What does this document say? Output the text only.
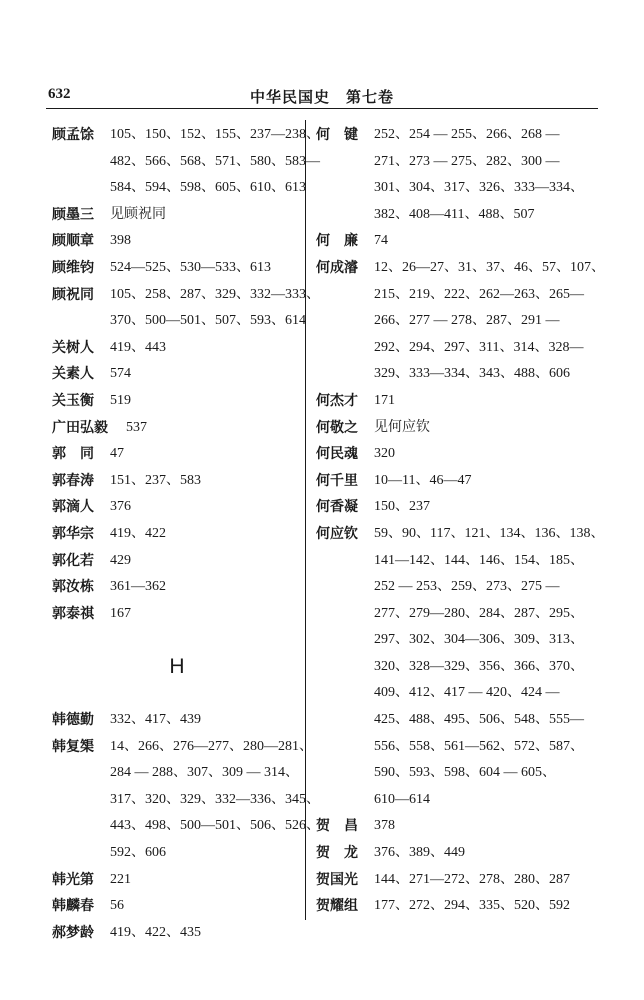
632	中华民国史　第七卷
顾孟馀	105、150、152、155、237—238、
482、566、568、571、580、583—
584、594、598、605、610、613
顾墨三	见顾祝同
顾顺章	398
顾维钧	524—525、530—533、613
顾祝同	105、258、287、329、332—333、
370、500—501、507、593、614
关树人	419、443
关素人	574
关玉衡	519
广田弘毅	537
郭　同	47
郭春涛	151、237、583
郭滴人	376
郭华宗	419、422
郭化若	429
郭汝栋	361—362
郭泰祺	167
H
韩德勤	332、417、439
韩复榘	14、266、276—277、280—281、
284 — 288、307、309 — 314、
317、320、329、332—336、345、
443、498、500—501、506、526、
592、606
韩光第	221
韩麟春	56
郝梦龄	419、422、435
何　键	252、254 — 255、266、268 —
271、273 — 275、282、300 —
301、304、317、326、333—334、
382、408—411、488、507
何　廉	74
何成濬	12、26—27、31、37、46、57、107、
215、219、222、262—263、265—
266、277 — 278、287、291 —
292、294、297、311、314、328—
329、333—334、343、488、606
何杰才	171
何敬之	见何应钦
何民魂	320
何千里	10—11、46—47
何香凝	150、237
何应钦	59、90、117、121、134、136、138、
141—142、144、146、154、185、
252 — 253、259、273、275 —
277、279—280、284、287、295、
297、302、304—306、309、313、
320、328—329、356、366、370、
409、412、417 — 420、424 —
425、488、495、506、548、555—
556、558、561—562、572、587、
590、593、598、604 — 605、
610—614
贺　昌	378
贺　龙	376、389、449
贺国光	144、271—272、278、280、287
贺耀组	177、272、294、335、520、592
